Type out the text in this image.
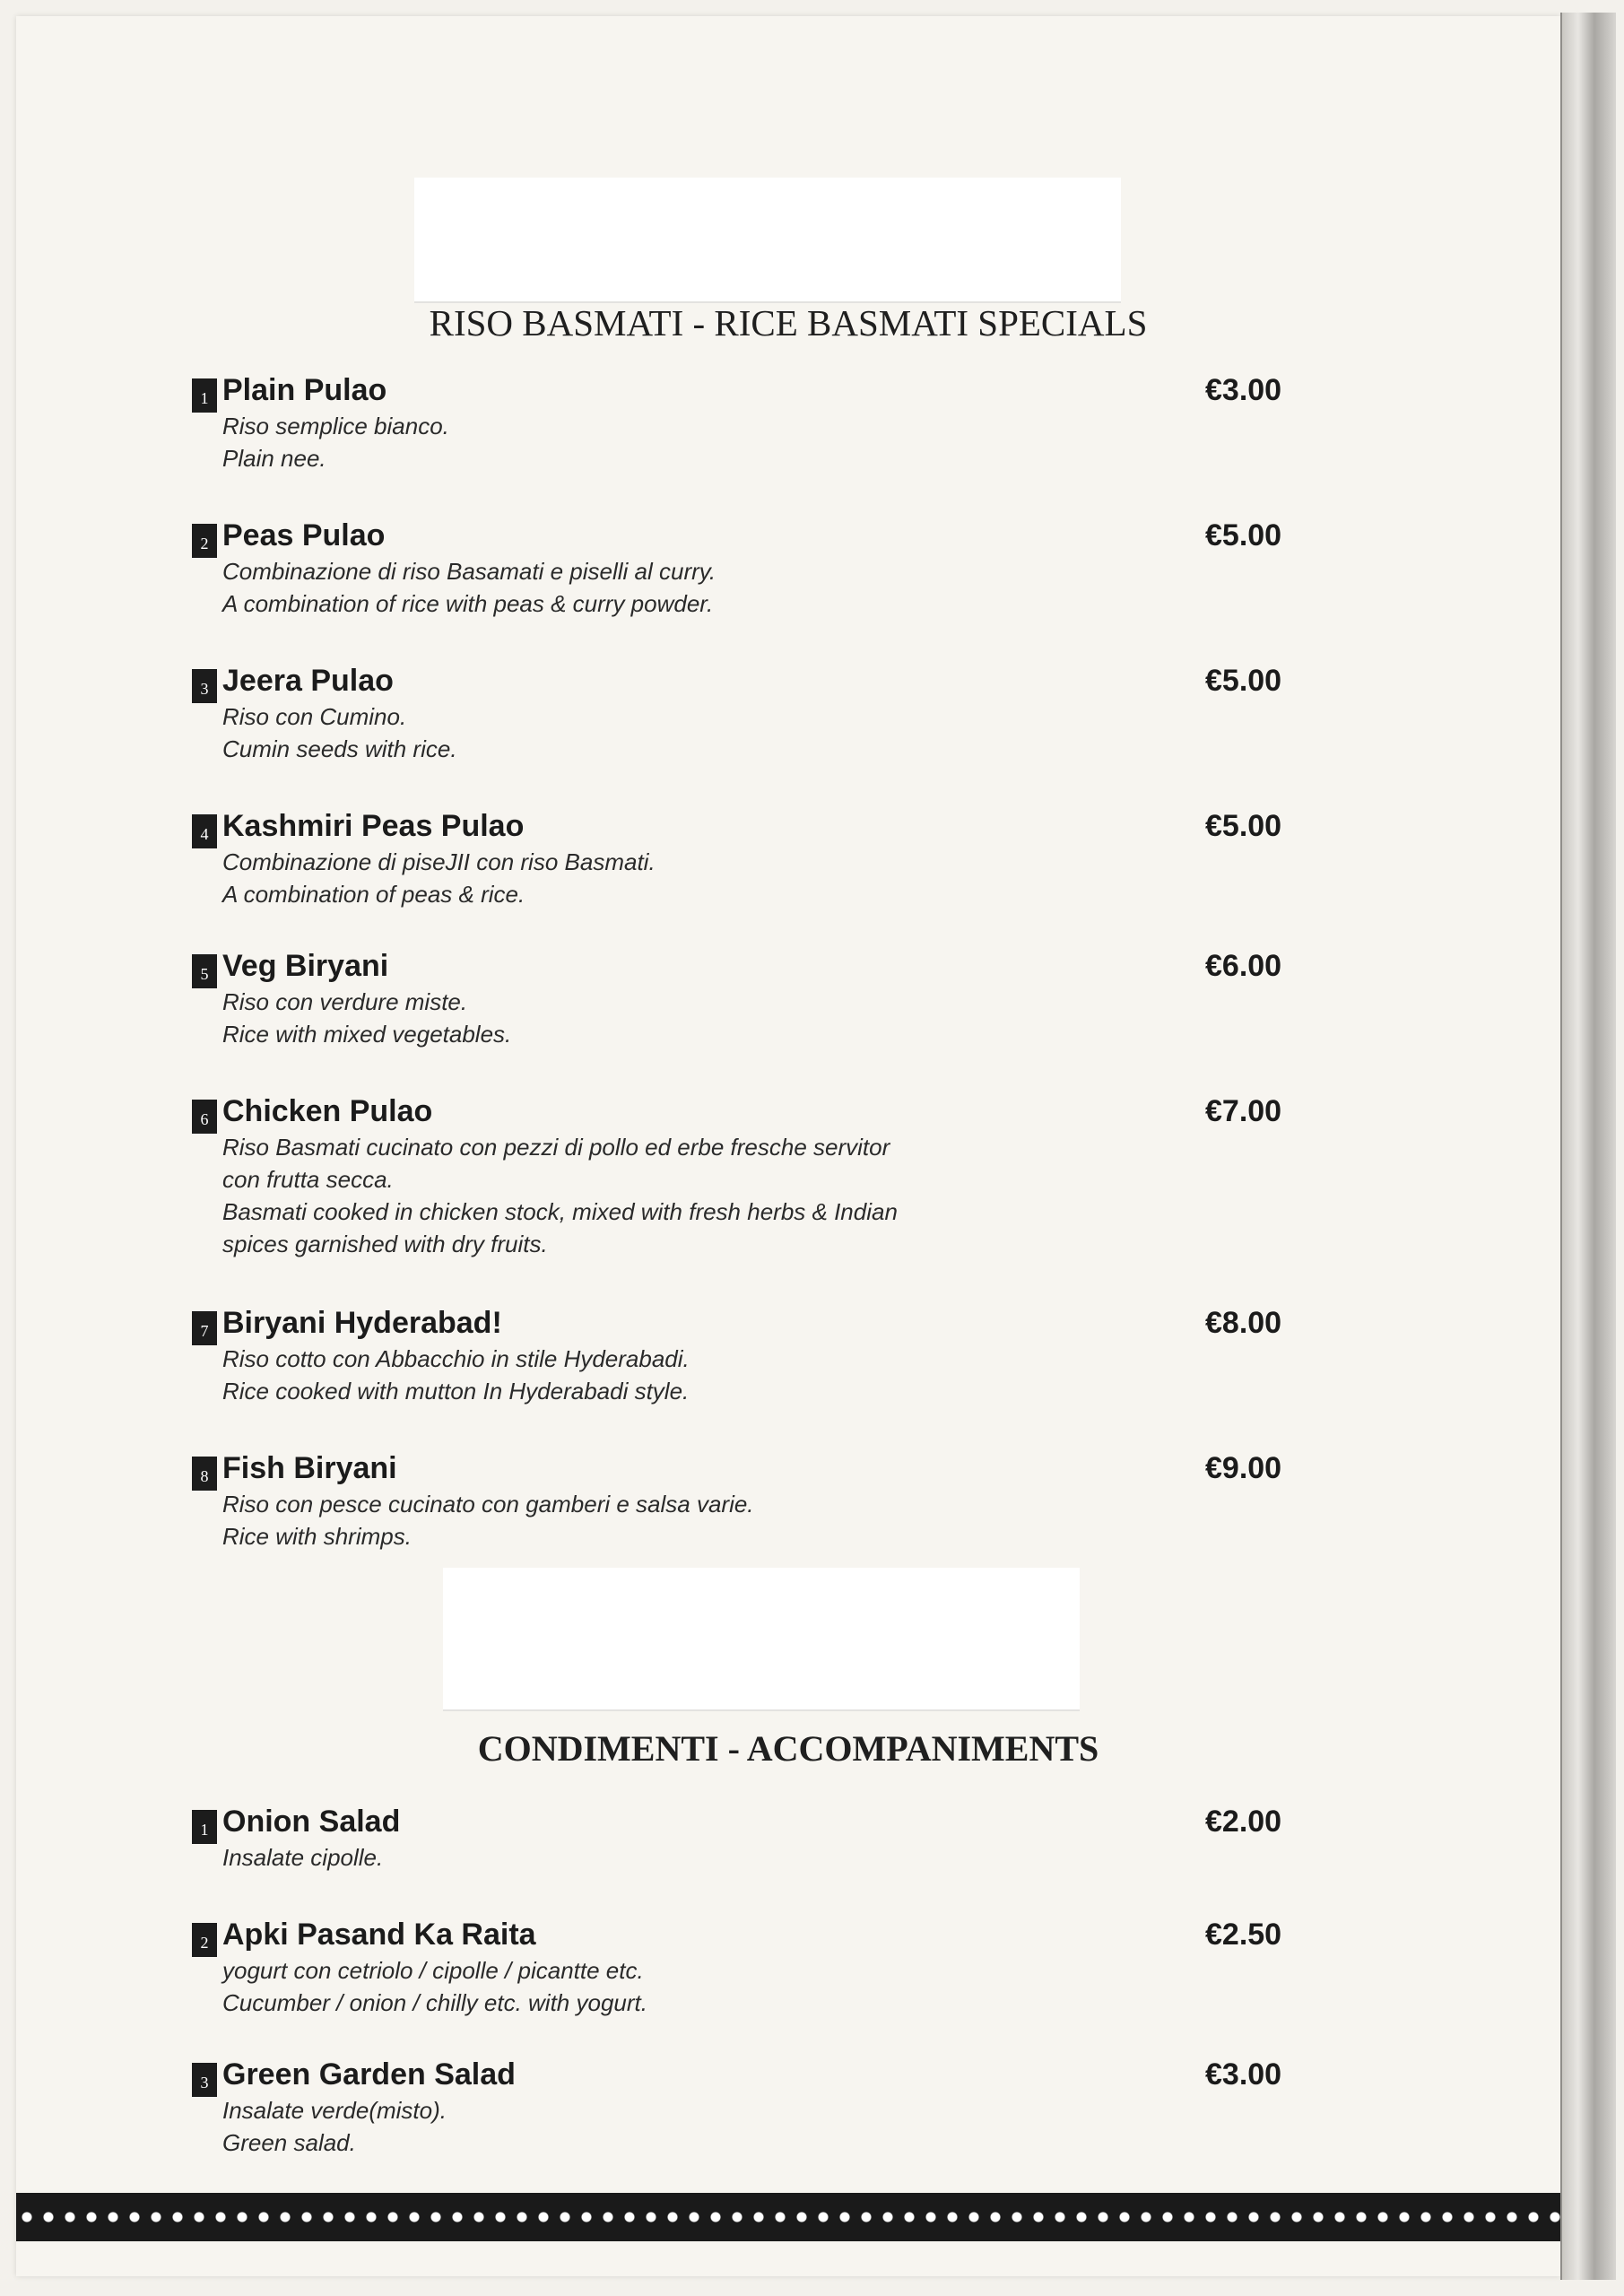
RISO BASMATI - RICE BASMATI SPECIALS
1 Plain Pulao	€3.00

Riso semplice bianco.

Plain nee.

2 Peas Pulao	€5.00

Combinazione di riso Basamati e piselli al curry.

A combination of rice with peas & curry powder.

3 Jeera Pulao	€5.00

Riso con Cumino.

Cumin seeds with rice.

4 Kashmiri Peas Pulao	€5.00

Combinazione di piseJII con riso Basmati.

A combination of peas & rice.

5 Veg Biryani	€6.00

Riso con verdure miste.

Rice with mixed vegetables.

6 Chicken Pulao	€7.00

Riso Basmati cucinato con pezzi di pollo ed erbe fresche servitor

con frutta secca.

Basmati cooked in chicken stock, mixed with fresh herbs & Indian

spices garnished with dry fruits.

7 Biryani Hyderabad!	€8.00

Riso cotto con Abbacchio in stile Hyderabadi.

Rice cooked with mutton In Hyderabadi style.

8 Fish Biryani	€9.00

Riso con pesce cucinato con gamberi e salsa varie.

Rice with shrimps.

CONDIMENTI - ACCOMPANIMENTS
1 Onion Salad	€2.00

Insalate cipolle.

2 Apki Pasand Ka Raita	€2.50

yogurt con cetriolo / cipolle / picantte etc.

Cucumber / onion / chilly etc. with yogurt.

3 Green Garden Salad	€3.00

Insalate verde(misto).

Green salad.
